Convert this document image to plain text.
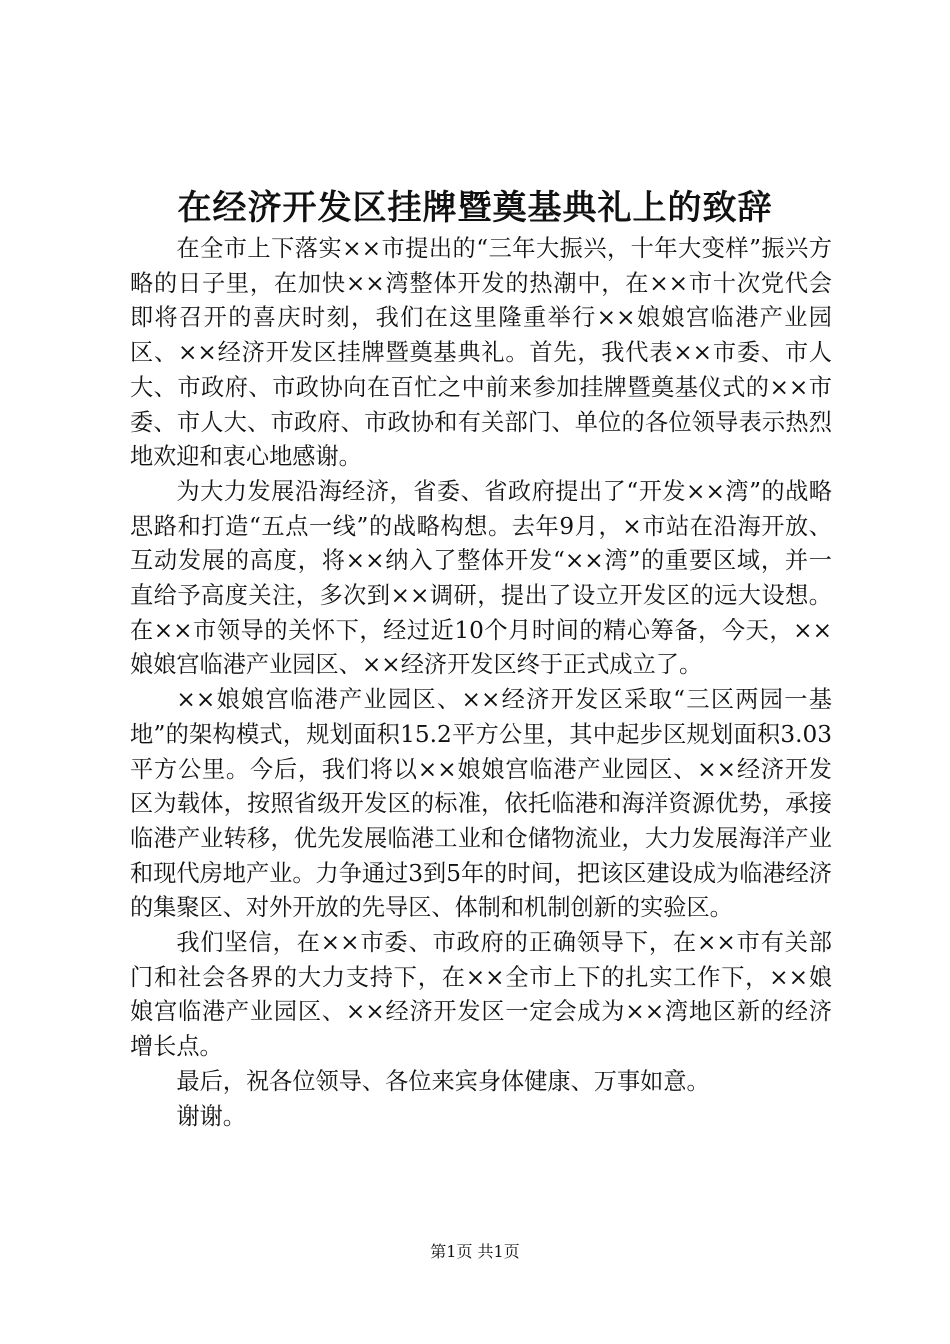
在经济开发区挂牌暨奠基典礼上的致辞

在全市上下落实××市提出的“三年大振兴，十年大变样”振兴方略的日子里，在加快××湾整体开发的热潮中，在××市十次党代会即将召开的喜庆时刻，我们在这里隆重举行××娘娘宫临港产业园区、××经济开发区挂牌暨奠基典礼。首先，我代表××市委、市人大、市政府、市政协向在百忙之中前来参加挂牌暨奠基仪式的××市委、市人大、市政府、市政协和有关部门、单位的各位领导表示热烈地欢迎和衷心地感谢。

为大力发展沿海经济，省委、省政府提出了“开发××湾”的战略思路和打造“五点一线”的战略构想。去年9月，×市站在沿海开放、互动发展的高度，将××纳入了整体开发“××湾”的重要区域，并一直给予高度关注，多次到××调研，提出了设立开发区的远大设想。在××市领导的关怀下，经过近10个月时间的精心筹备，今天，××娘娘宫临港产业园区、××经济开发区终于正式成立了。

××娘娘宫临港产业园区、××经济开发区采取“三区两园一基地”的架构模式，规划面积15.2平方公里，其中起步区规划面积3.03平方公里。今后，我们将以××娘娘宫临港产业园区、××经济开发区为载体，按照省级开发区的标准，依托临港和海洋资源优势，承接临港产业转移，优先发展临港工业和仓储物流业，大力发展海洋产业和现代房地产业。力争通过3到5年的时间，把该区建设成为临港经济的集聚区、对外开放的先导区、体制和机制创新的实验区。

我们坚信，在××市委、市政府的正确领导下，在××市有关部门和社会各界的大力支持下，在××全市上下的扎实工作下，××娘娘宫临港产业园区、××经济开发区一定会成为××湾地区新的经济增长点。

最后，祝各位领导、各位来宾身体健康、万事如意。

谢谢。

第1页 共1页
